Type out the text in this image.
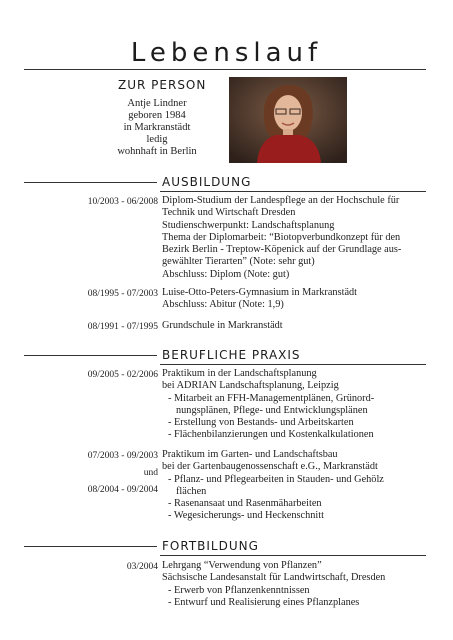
Lebenslauf
ZUR PERSON
Antje Lindner
geboren 1984
in Markranstädt
ledig
wohnhaft in Berlin
AUSBILDUNG
10/2003 - 06/2008 Diplom-Studium der Landespflege an der Hochschule für
Technik und Wirtschaft Dresden
Studienschwerpunkt: Landschaftsplanung
Thema der Diplomarbeit: “Biotopverbundkonzept für den
Bezirk Berlin - Treptow-Köpenick auf der Grundlage aus-
gewählter Tierarten” (Note: sehr gut)
Abschluss: Diplom (Note: gut)
08/1995 - 07/2003 Luise-Otto-Peters-Gymnasium in Markranstädt
Abschluss: Abitur (Note: 1,9)
08/1991 - 07/1995 Grundschule in Markranstädt
BERUFLICHE PRAXIS
09/2005 - 02/2006 Praktikum in der Landschaftsplanung
bei ADRIAN Landschaftsplanung, Leipzig
- Mitarbeit an FFH-Managementplänen, Grünord-
nungsplänen, Pflege- und Entwicklungsplänen
- Erstellung von Bestands- und Arbeitskarten
- Flächenbilanzierungen und Kostenkalkulationen
07/2003 - 09/2003
und
08/2004 - 09/2004
Praktikum im Garten- und Landschaftsbau
bei der Gartenbaugenossenschaft e.G., Markranstädt
- Pflanz- und Pflegearbeiten in Stauden- und Gehölz
flächen
- Rasenansaat und Rasenmäharbeiten
- Wegesicherungs- und Heckenschnitt
FORTBILDUNG
03/2004 Lehrgang “Verwendung von Pflanzen”
Sächsische Landesanstalt für Landwirtschaft, Dresden
- Erwerb von Pflanzenkenntnissen
- Entwurf und Realisierung eines Pflanzplanes
